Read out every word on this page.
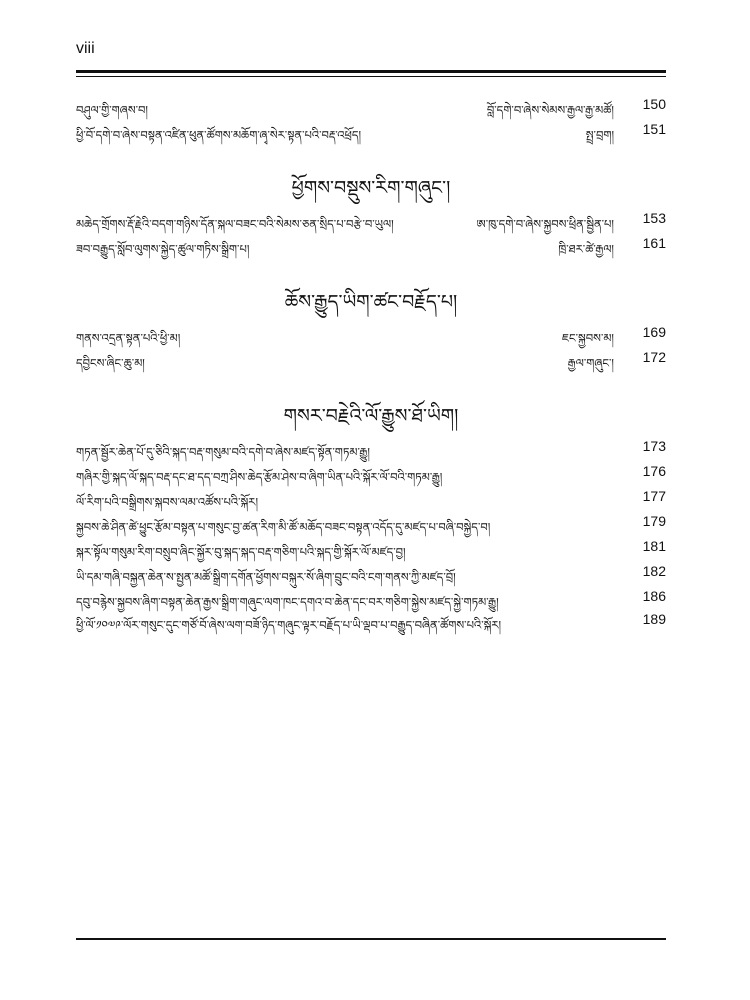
viii
བཤུལ་གྱི་གཞས་བ།	བློ་དགེ་བ་ཞེས་སེམས་རྒྱལ་རྒྱ་མཚོ། 150
ཕྱི་བོ་དགེ་བ་ཞེས་བསྟན་འཛིན་ཕུན་ཚོགས་མཆོག་ཞྭ་སེར་སྟན་པའི་བརྡ་འཕྲོད།	སྤྲ་བྲག། 151
ཕྱོགས་བསྡུས་རིག་གཞུང་།
མཆེད་གྲོགས་རྡོ་རྗེའི་བདག་གཉིས་དོན་སྐལ་བཟང་བའི་སེམས་ཅན་སྲིད་པ་བརྩེ་བ་ཡུལ།	ཨ་ཁུ་དགེ་བ་ཞེས་སྐྱབས་ཕྲིན་སྦྱིན་པ། 153
ཟབ་བརྒྱུད་སློབ་ལུགས་སྐྱེད་ཚུལ་གཏིས་སྒྲིག་པ།	ཁྲི་ཐར་ཚེ་རྒྱལ། 161
ཆོས་རྒྱུད་ཡིག་ཚང་བརྗོད་པ།
གནས་འདྲན་སྟན་པའི་ཕྱི་མ།	ཇང་སྐྱབས་མ། 169
དབྱིངས་ཞིང་ཆུ་མ།	རྒྱལ་གཞུང་། 172
གསར་བརྗེའི་ལོ་རྒྱུས་ཐོ་ཡིག།
གཏན་སྦྱོར་ཆེན་པོ་དུ་ཅིའི་སྐད་བརྡ་གསུམ་བའི་དགེ་བ་ཞེས་མཛད་སྟོན་གཏམ་རྒྱུ།	173
གཞིར་གྱི་སྐད་ལོ་སྐད་བརྡ་དང་ཐ་དད་བཀྲ་ཤིས་ཆེད་རྩོམ་ཤེས་བ་ཞིག་ཡིན་པའི་སྐོར་ལོ་བའི་གཏམ་རྒྱུ།	176
ལོ་རིག་པའི་བསྒྲིགས་སྐབས་ལམ་འཚོས་པའི་སྐོར།	177
སྐྱབས་ཆེ་ཤིན་ཚེ་ཕྱུང་རྩོམ་བསྟན་པ་གསུང་བྱ་ཚན་རིག་མི་ཚོ་མཆོད་བཟང་བསྟན་འདོད་དུ་མཛད་པ་བཞི་བསྐྱེད་བ།	179
སྐར་སྟོལ་གསུམ་རིག་བསྲུབ་ཞིང་སྐྱོར་བུ་སྐད་སྐད་བརྡ་གཅིག་པའི་སྐད་གྱི་སྐོར་ལོ་མཛད་བྱ།	181
ཡི་དམ་གཞི་བསྐྱན་ཆེན་ས་སྤྱན་མཚོ་སྒྲིག་དགོན་ཕྱོགས་བསྐུར་སོ་ཞིག་བྲུང་བའི་ངག་གནས་ཀྱི་མཛད་བྲོ།	182
དབུ་བརྙེས་སྐྱབས་ཞིག་བསྟན་ཆེན་རྒྱས་སྒྲིག་གཞུང་ལག་ཁང་དགའ་བ་ཆེན་དང་བར་གཅིག་སྐྱེས་མཛད་སྐྱེ་གཏམ་རྒྱུ།	186
ཕྱི་ལོ་༡༠༧༩་ལོར་གསུང་དུང་གཙོ་བོ་ཞེས་ལག་བཟོ་ཉིད་གཞུང་ལྟར་བརྗོད་པ་ཡི་ལྡབ་པ་བརྒྱུད་བཞིན་ཚོགས་པའི་སྐོར།	189
